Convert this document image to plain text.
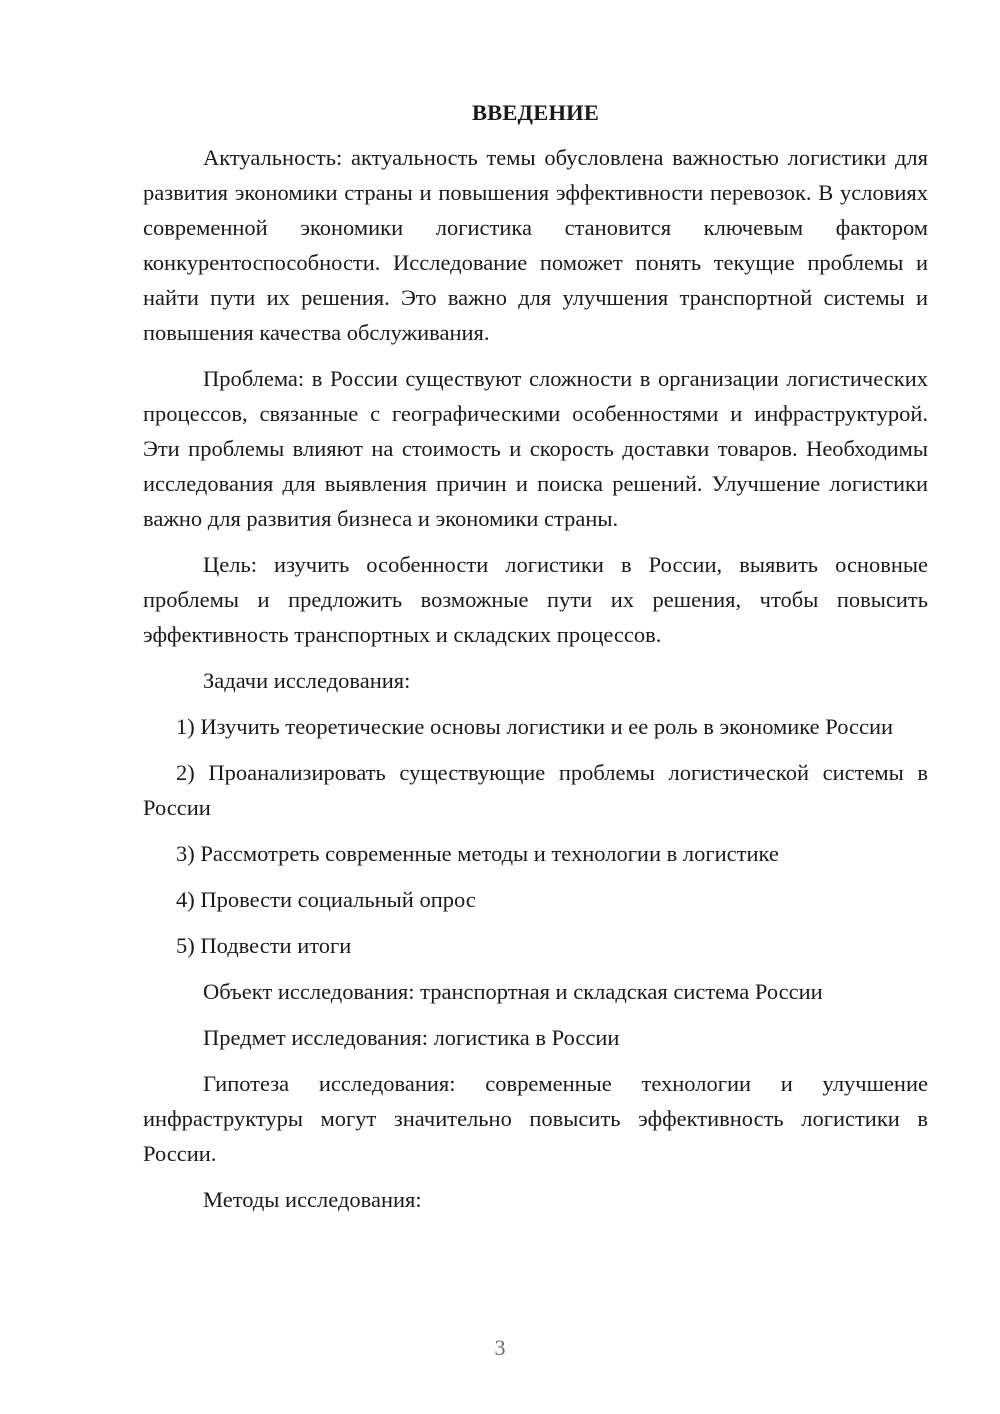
ВВЕДЕНИЕ

Актуальность: актуальность темы обусловлена важностью логистики для развития экономики страны и повышения эффективности перевозок. В условиях современной экономики логистика становится ключевым фактором конкурентоспособности. Исследование поможет понять текущие проблемы и найти пути их решения. Это важно для улучшения транспортной системы и повышения качества обслуживания.

Проблема: в России существуют сложности в организации логистических процессов, связанные с географическими особенностями и инфраструктурой. Эти проблемы влияют на стоимость и скорость доставки товаров. Необходимы исследования для выявления причин и поиска решений. Улучшение логистики важно для развития бизнеса и экономики страны.

Цель: изучить особенности логистики в России, выявить основные проблемы и предложить возможные пути их решения, чтобы повысить эффективность транспортных и складских процессов.

Задачи исследования:

1) Изучить теоретические основы логистики и ее роль в экономике России

2) Проанализировать существующие проблемы логистической системы в России

3) Рассмотреть современные методы и технологии в логистике

4) Провести социальный опрос

5) Подвести итоги

Объект исследования: транспортная и складская система России

Предмет исследования: логистика в России

Гипотеза исследования: современные технологии и улучшение инфраструктуры могут значительно повысить эффективность логистики в России.

Методы исследования:

3
